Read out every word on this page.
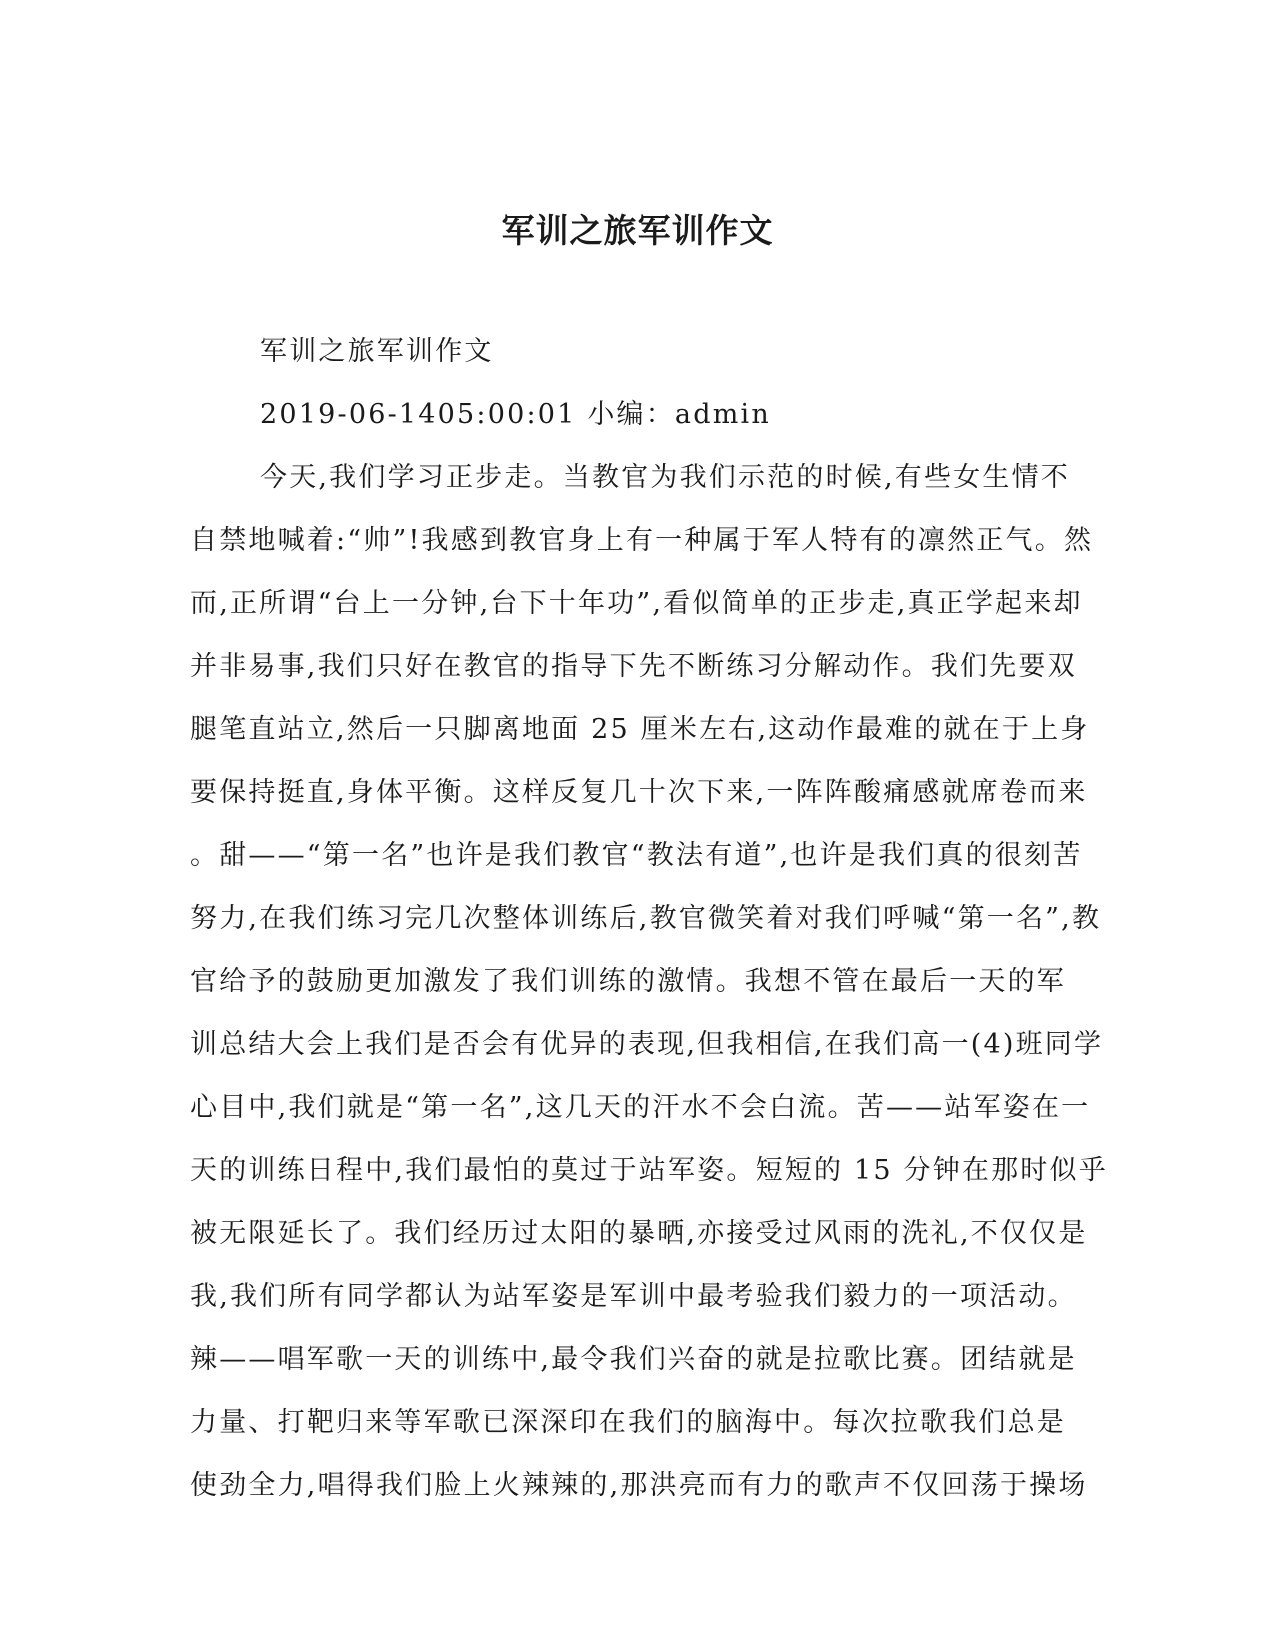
军训之旅军训作文
军训之旅军训作文
2019-06-1405:00:01 小编：admin
今天,我们学习正步走。当教官为我们示范的时候,有些女生情不
自禁地喊着:“帅”!我感到教官身上有一种属于军人特有的凛然正气。然
而,正所谓“台上一分钟,台下十年功”,看似简单的正步走,真正学起来却
并非易事,我们只好在教官的指导下先不断练习分解动作。我们先要双
腿笔直站立,然后一只脚离地面 25 厘米左右,这动作最难的就在于上身
要保持挺直,身体平衡。这样反复几十次下来,一阵阵酸痛感就席卷而来
。甜——“第一名”也许是我们教官“教法有道”,也许是我们真的很刻苦
努力,在我们练习完几次整体训练后,教官微笑着对我们呼喊“第一名”,教
官给予的鼓励更加激发了我们训练的激情。我想不管在最后一天的军
训总结大会上我们是否会有优异的表现,但我相信,在我们高一(4)班同学
心目中,我们就是“第一名”,这几天的汗水不会白流。苦——站军姿在一
天的训练日程中,我们最怕的莫过于站军姿。短短的 15 分钟在那时似乎
被无限延长了。我们经历过太阳的暴晒,亦接受过风雨的洗礼,不仅仅是
我,我们所有同学都认为站军姿是军训中最考验我们毅力的一项活动。
辣——唱军歌一天的训练中,最令我们兴奋的就是拉歌比赛。团结就是
力量、打靶归来等军歌已深深印在我们的脑海中。每次拉歌我们总是
使劲全力,唱得我们脸上火辣辣的,那洪亮而有力的歌声不仅回荡于操场
